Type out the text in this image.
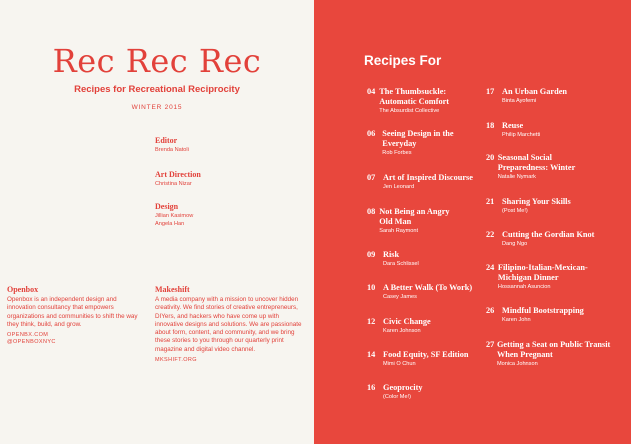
Rec Rec Rec
Recipes for Recreational Reciprocity
WINTER 2015
Editor
Brenda Natoli
Art Direction
Christina Nizar
Design
Jillian Kasimow
Angela Han
Openbox
Openbox is an independent design and innovation consultancy that empowers organizations and communities to shift the way they think, build, and grow.
OPENBX.COM
@OPENBOXNYC
Makeshift
A media company with a mission to uncover hidden creativity. We find stories of creative entrepreneurs, DIYers, and hackers who have come up with innovative designs and solutions. We are passionate about form, content, and community, and we bring these stories to you through our quarterly print magazine and digital video channel.
MKSHIFT.ORG
Recipes For
04 The Thumbsuckle: Automatic Comfort
The Absurdist Collective
06 Seeing Design in the Everyday
Rob Forbes
07 Art of Inspired Discourse
Jen Leonard
08 Not Being an Angry Old Man
Sarah Raymont
09 Risk
Dara Schlissel
10 A Better Walk (To Work)
Casey James
12 Civic Change
Karen Johnson
14 Food Equity, SF Edition
Mimi O Chun
16 Geoprocity
(Color Me!)
17 An Urban Garden
Binta Ayofemi
18 Reuse
Philip Marchetti
20 Seasonal Social Preparedness: Winter
Natalie Nymark
21 Sharing Your Skills
(Post Me!)
22 Cutting the Gordian Knot
Dang Ngo
24 Filipino-Italian-Mexican-Michigan Dinner
Hossannah Asuncion
26 Mindful Bootstrapping
Karen John
27 Getting a Seat on Public Transit When Pregnant
Monica Johnson
